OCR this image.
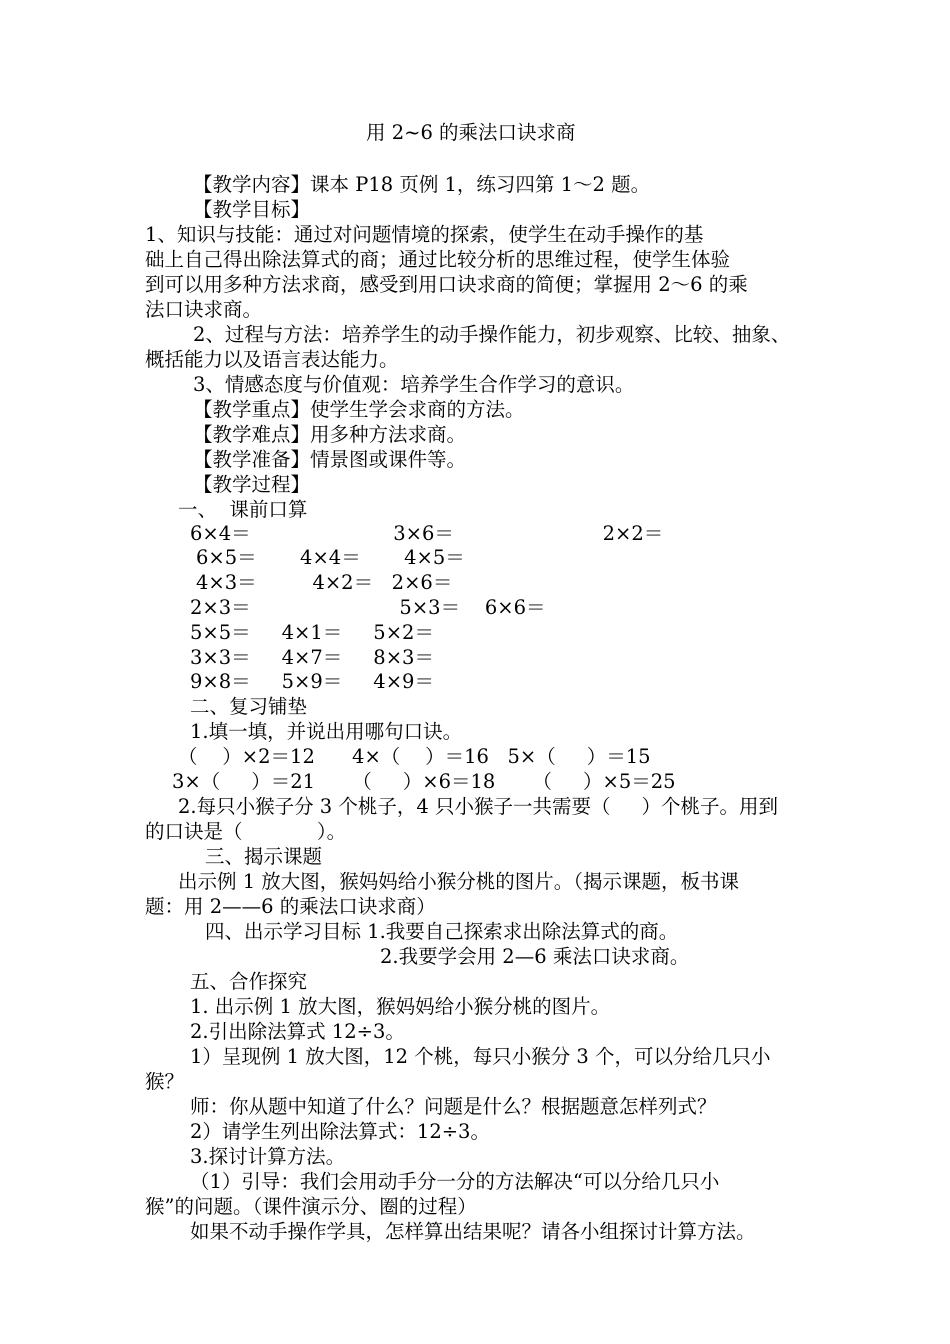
用 2~6 的乘法口诀求商

【教学内容】课本 P18 页例 1，练习四第 1～2 题。

【教学目标】

1、知识与技能：通过对问题情境的探索，使学生在动手操作的基

础上自己得出除法算式的商；通过比较分析的思维过程，使学生体验

到可以用多种方法求商，感受到用口诀求商的简便；掌握用 2～6 的乘

法口诀求商。

2、过程与方法：培养学生的动手操作能力，初步观察、比较、抽象、

概括能力以及语言表达能力。

3、情感态度与价值观：培养学生合作学习的意识。

【教学重点】使学生学会求商的方法。

【教学难点】用多种方法求商。

【教学准备】情景图或课件等。

【教学过程】

一、  课前口算

6×4＝                       3×6＝                        2×2＝

6×5＝       4×4＝       4×5＝

4×3＝         4×2＝   2×6＝

2×3＝                        5×3＝    6×6＝

5×5＝     4×1＝     5×2＝

3×3＝     4×7＝     8×3＝

9×8＝     5×9＝     4×9＝

二、复习铺垫

1.填一填，并说出用哪句口诀。

（    ）×2＝12      4×（    ）＝16   5×（     ）＝15

3×（     ）＝21      （     ）×6＝18      （     ）×5＝25

2.每只小猴子分 3 个桃子，4 只小猴子一共需要（     ）个桃子。用到

的口诀是（            ）。

三、揭示课题

出示例 1 放大图，猴妈妈给小猴分桃的图片。（揭示课题，板书课

题：用 2——6 的乘法口诀求商）

四、出示学习目标 1.我要自己探索求出除法算式的商。

2.我要学会用 2—6 乘法口诀求商。

五、合作探究

1. 出示例 1 放大图，猴妈妈给小猴分桃的图片。

2.引出除法算式 12÷3。

1）呈现例 1 放大图，12 个桃，每只小猴分 3 个，可以分给几只小

猴？

师：你从题中知道了什么？问题是什么？根据题意怎样列式？

2）请学生列出除法算式：12÷3。

3.探讨计算方法。

（1）引导：我们会用动手分一分的方法解决“可以分给几只小

猴”的问题。（课件演示分、圈的过程）

如果不动手操作学具，怎样算出结果呢？请各小组探讨计算方法。
